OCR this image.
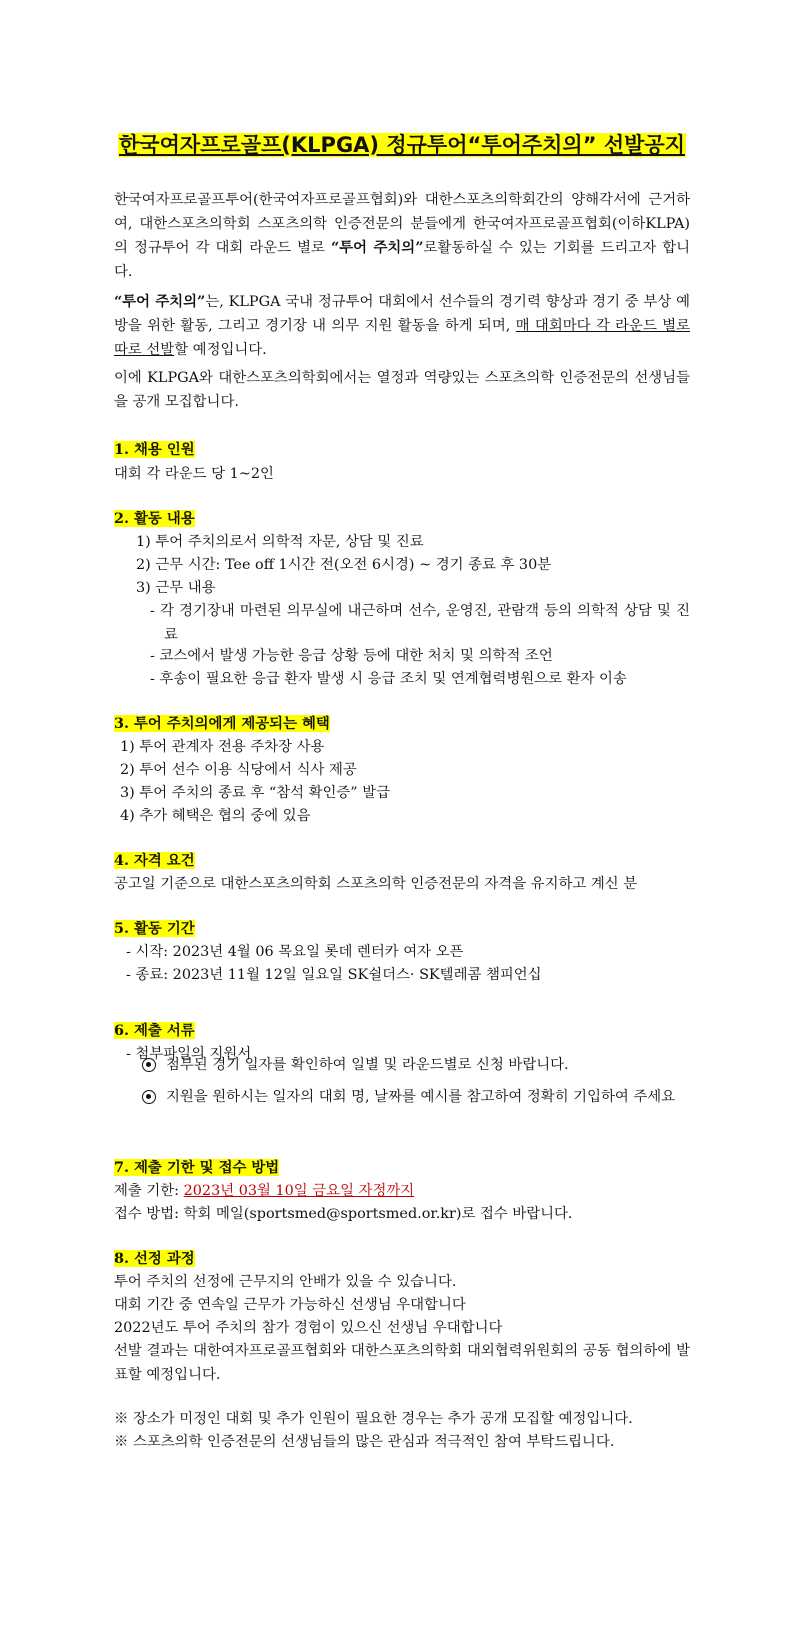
한국여자프로골프(KLPGA) 정규투어“투어주치의” 선발공지
한국여자프로골프투어(한국여자프로골프협회)와 대한스포츠의학회간의 양해각서에 근거하여, 대한스포츠의학회 스포츠의학 인증전문의 분들에게 한국여자프로골프협회(이하KLPA)의 정규투어 각 대회 라운드 별로 “투어 주치의”로활동하실 수 있는 기회를 드리고자 합니다.
“투어 주치의”는, KLPGA 국내 정규투어 대회에서 선수들의 경기력 향상과 경기 중 부상 예방을 위한 활동, 그리고 경기장 내 의무 지원 활동을 하게 되며, 매 대회마다 각 라운드 별로 따로 선발할 예정입니다.
이에 KLPGA와 대한스포츠의학회에서는 열정과 역량있는 스포츠의학 인증전문의 선생님들을 공개 모집합니다.
1. 채용 인원
대회 각 라운드 당 1~2인
2. 활동 내용
1) 투어 주치의로서 의학적 자문, 상담 및 진료
2) 근무 시간: Tee off 1시간 전(오전 6시경) ~ 경기 종료 후 30분
3) 근무 내용
- 각 경기장내 마련된 의무실에 내근하며 선수, 운영진, 관람객 등의 의학적 상담 및 진료
- 코스에서 발생 가능한 응급 상황 등에 대한 처치 및 의학적 조언
- 후송이 필요한 응급 환자 발생 시 응급 조치 및 연계협력병원으로 환자 이송
3. 투어 주치의에게 제공되는 혜택
1) 투어 관계자 전용 주차장 사용
2) 투어 선수 이용 식당에서 식사 제공
3) 투어 주치의 종료 후 “참석 확인증” 발급
4) 추가 혜택은 협의 중에 있음
4. 자격 요건
공고일 기준으로 대한스포츠의학회 스포츠의학 인증전문의 자격을 유지하고 계신 분
5. 활동 기간
- 시작: 2023년 4월 06 목요일 롯데 렌터카 여자 오픈
- 종료: 2023년 11월 12일 일요일 SK쉴더스· SK텔레콤 챔피언십
6. 제출 서류
- 첨부파일의 지원서
첨부된 경기 일자를 확인하여 일별 및 라운드별로 신청 바랍니다.
지원을 원하시는 일자의 대회 명, 날짜를 예시를 참고하여 정확히 기입하여 주세요
7. 제출 기한 및 접수 방법
제출 기한: 2023년 03월 10일 금요일 자정까지
접수 방법: 학회 메일(sportsmed@sportsmed.or.kr)로 접수 바랍니다.
8. 선정 과정
투어 주치의 선정에 근무지의 안배가 있을 수 있습니다.
대회 기간 중 연속일 근무가 가능하신 선생님 우대합니다
2022년도 투어 주치의 참가 경험이 있으신 선생님 우대합니다
선발 결과는 대한여자프로골프협회와 대한스포츠의학회 대외협력위원회의 공동 협의하에 발표할 예정입니다.
※ 장소가 미정인 대회 및 추가 인원이 필요한 경우는 추가 공개 모집할 예정입니다.
※ 스포츠의학 인증전문의 선생님들의 많은 관심과 적극적인 참여 부탁드립니다.
